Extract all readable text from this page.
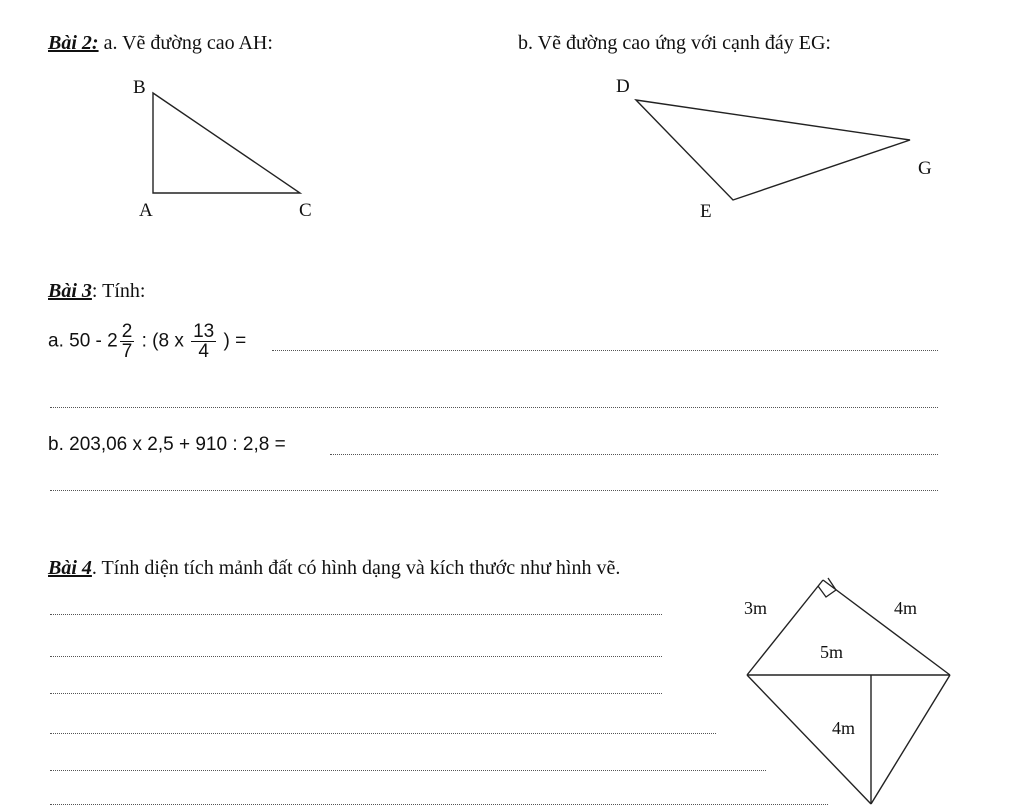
Bài 2: a. Vẽ đường cao AH:	b. Vẽ đường cao ứng với cạnh đáy EG:
B
A	C
D
G
E
3m	4m
5m
4m
Bài 3: Tính:
a. $50 - 2 \frac{2}{7}$ : (8 x $\frac{13}{4}$ ) =
b. 203,06 x 2,5 + 910 : 2,8 =
Bài 4. Tính diện tích mảnh đất có hình dạng và kích thước như hình vẽ.
